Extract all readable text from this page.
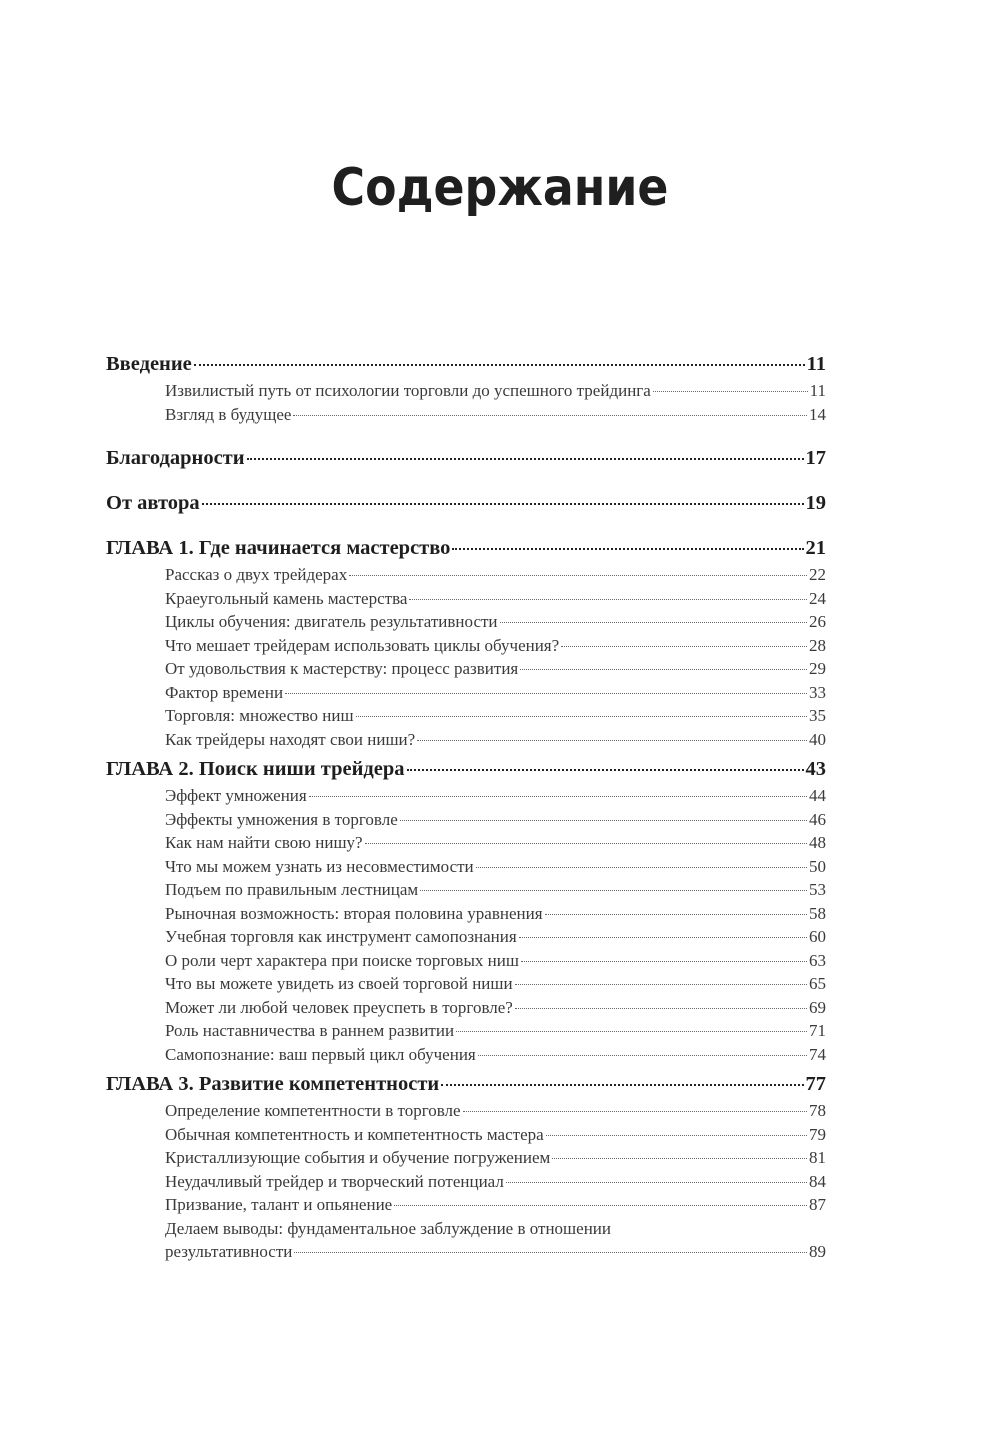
Содержание
Введение	11
Извилистый путь от психологии торговли до успешного трейдинга	11
Взгляд в будущее	14
Благодарности	17
От автора	19
ГЛАВА 1. Где начинается мастерство	21
Рассказ о двух трейдерах	22
Краеугольный камень мастерства	24
Циклы обучения: двигатель результативности	26
Что мешает трейдерам использовать циклы обучения?	28
От удовольствия к мастерству: процесс развития	29
Фактор времени	33
Торговля: множество ниш	35
Как трейдеры находят свои ниши?	40
ГЛАВА 2. Поиск ниши трейдера	43
Эффект умножения	44
Эффекты умножения в торговле	46
Как нам найти свою нишу?	48
Что мы можем узнать из несовместимости	50
Подъем по правильным лестницам	53
Рыночная возможность: вторая половина уравнения	58
Учебная торговля как инструмент самопознания	60
О роли черт характера при поиске торговых ниш	63
Что вы можете увидеть из своей торговой ниши	65
Может ли любой человек преуспеть в торговле?	69
Роль наставничества в раннем развитии	71
Самопознание: ваш первый цикл обучения	74
ГЛАВА 3. Развитие компетентности	77
Определение компетентности в торговле	78
Обычная компетентность и компетентность мастера	79
Кристаллизующие события и обучение погружением	81
Неудачливый трейдер и творческий потенциал	84
Призвание, талант и опьянение	87
Делаем выводы: фундаментальное заблуждение в отношении
результативности	89
